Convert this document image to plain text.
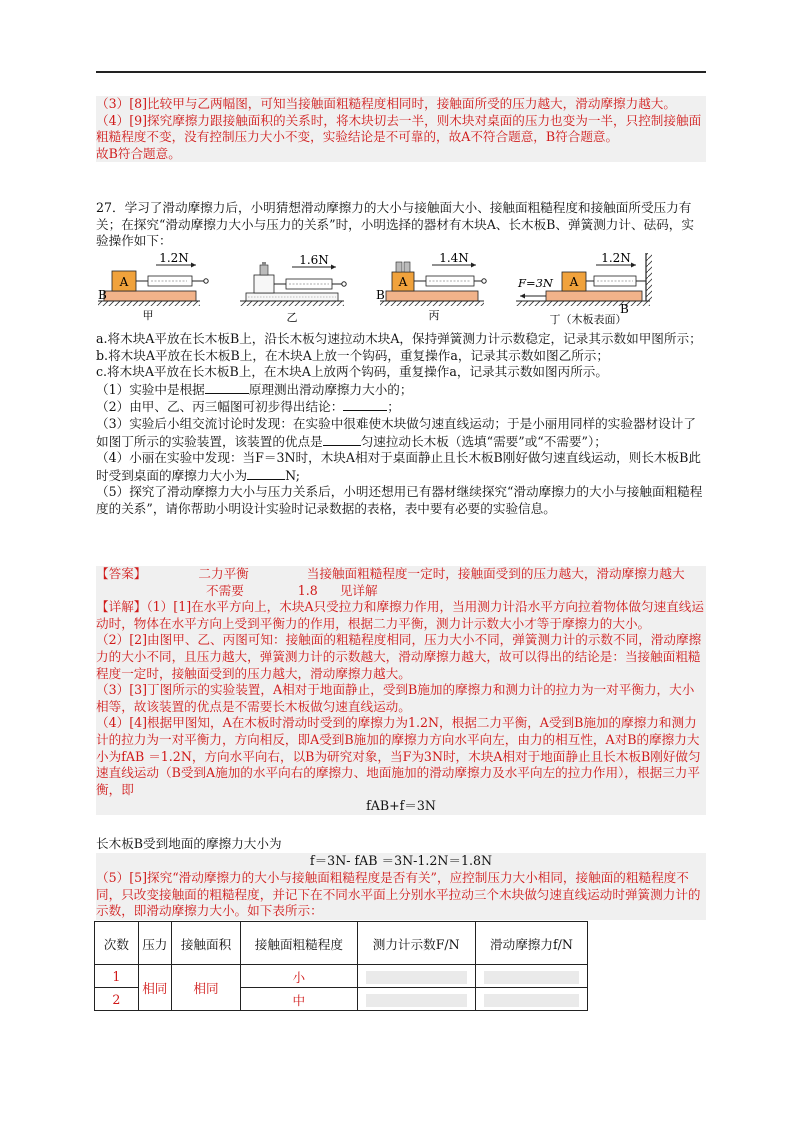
（3）[8]比较甲与乙两幅图，可知当接触面粗糙程度相同时，接触面所受的压力越大，滑动摩擦力越大。

（4）[9]探究摩擦力跟接触面积的关系时，将木块切去一半，则木块对桌面的压力也变为一半，只控制接触面粗糙程度不变，没有控制压力大小不变，实验结论是不可靠的，故A不符合题意，B符合题意。

故B符合题意。

27．学习了滑动摩擦力后，小明猜想滑动摩擦力的大小与接触面大小、接触面粗糙程度和接触面所受压力有关；在探究“滑动摩擦力大小与压力的关系”时，小明选择的器材有木块A、长木板B、弹簧测力计、砝码，实验操作如下：

A
1.2N
B
甲
1.6N
乙
A
1.4N
B
丙
A
1.2N
F=3N
B
丁（木板表面）

a.将木块A平放在长木板B上，沿长木板匀速拉动木块A，保持弹簧测力计示数稳定，记录其示数如甲图所示；

b.将木块A平放在长木板B上，在木块A上放一个钩码，重复操作a，记录其示数如图乙所示；

c.将木块A平放在长木板B上，在木块A上放两个钩码，重复操作a，记录其示数如图丙所示。

（1）实验中是根据	原理测出滑动摩擦力大小的；

（2）由甲、乙、丙三幅图可初步得出结论：	；

（3）实验后小组交流讨论时发现：在实验中很难使木块做匀速直线运动；于是小丽用同样的实验器材设计了如图丁所示的实验装置，该装置的优点是	匀速拉动长木板（选填“需要”或“不需要”）；

（4）小丽在实验中发现：当F＝3N时，木块A相对于桌面静止且长木板B刚好做匀速直线运动，则长木板B此时受到桌面的摩擦力大小为	N;

（5）探究了滑动摩擦力大小与压力关系后，小明还想用已有器材继续探究“滑动摩擦力的大小与接触面粗糙程度的关系”，请你帮助小明设计实验时记录数据的表格，表中要有必要的实验信息。

【答案】	二力平衡	当接触面粗糙程度一定时，接触面受到的压力越大，滑动摩擦力越大

不需要	1.8 见详解

【详解】（1）[1]在水平方向上，木块A只受拉力和摩擦力作用，当用测力计沿水平方向拉着物体做匀速直线运动时，物体在水平方向上受到平衡力的作用，根据二力平衡，测力计示数大小才等于摩擦力的大小。

（2）[2]由图甲、乙、丙图可知：接触面的粗糙程度相同，压力大小不同，弹簧测力计的示数不同，滑动摩擦力的大小不同，且压力越大，弹簧测力计的示数越大，滑动摩擦力越大，故可以得出的结论是：当接触面粗糙程度一定时，接触面受到的压力越大，滑动摩擦力越大。

（3）[3]丁图所示的实验装置，A相对于地面静止，受到B施加的摩擦力和测力计的拉力为一对平衡力，大小相等，故该装置的优点是不需要长木板做匀速直线运动。

（4）[4]根据甲图知，A在木板时滑动时受到的摩擦力为1.2N，根据二力平衡，A受到B施加的摩擦力和测力计的拉力为一对平衡力，方向相反，即A受到B施加的摩擦力方向水平向左，由力的相互性，A对B的摩擦力大小为fAB ＝1.2N，方向水平向右，以B为研究对象，当F为3N时，木块A相对于地面静止且长木板B刚好做匀速直线运动（B受到A施加的水平向右的摩擦力、地面施加的滑动摩擦力及水平向左的拉力作用），根据三力平衡，即

fAB+f＝3N

长木板B受到地面的摩擦力大小为

f＝3N- fAB ＝3N-1.2N＝1.8N

（5）[5]探究“滑动摩擦力的大小与接触面粗糙程度是否有关”，应控制压力大小相同，接触面的粗糙程度不同，只改变接触面的粗糙程度，并记下在不同水平面上分别水平拉动三个木块做匀速直线运动时弹簧测力计的示数，即滑动摩擦力大小。如下表所示：

次数	压力	接触面积	接触面粗糙程度	测力计示数F/N	滑动摩擦力f/N
1	相同	相同	小		
2			中		
